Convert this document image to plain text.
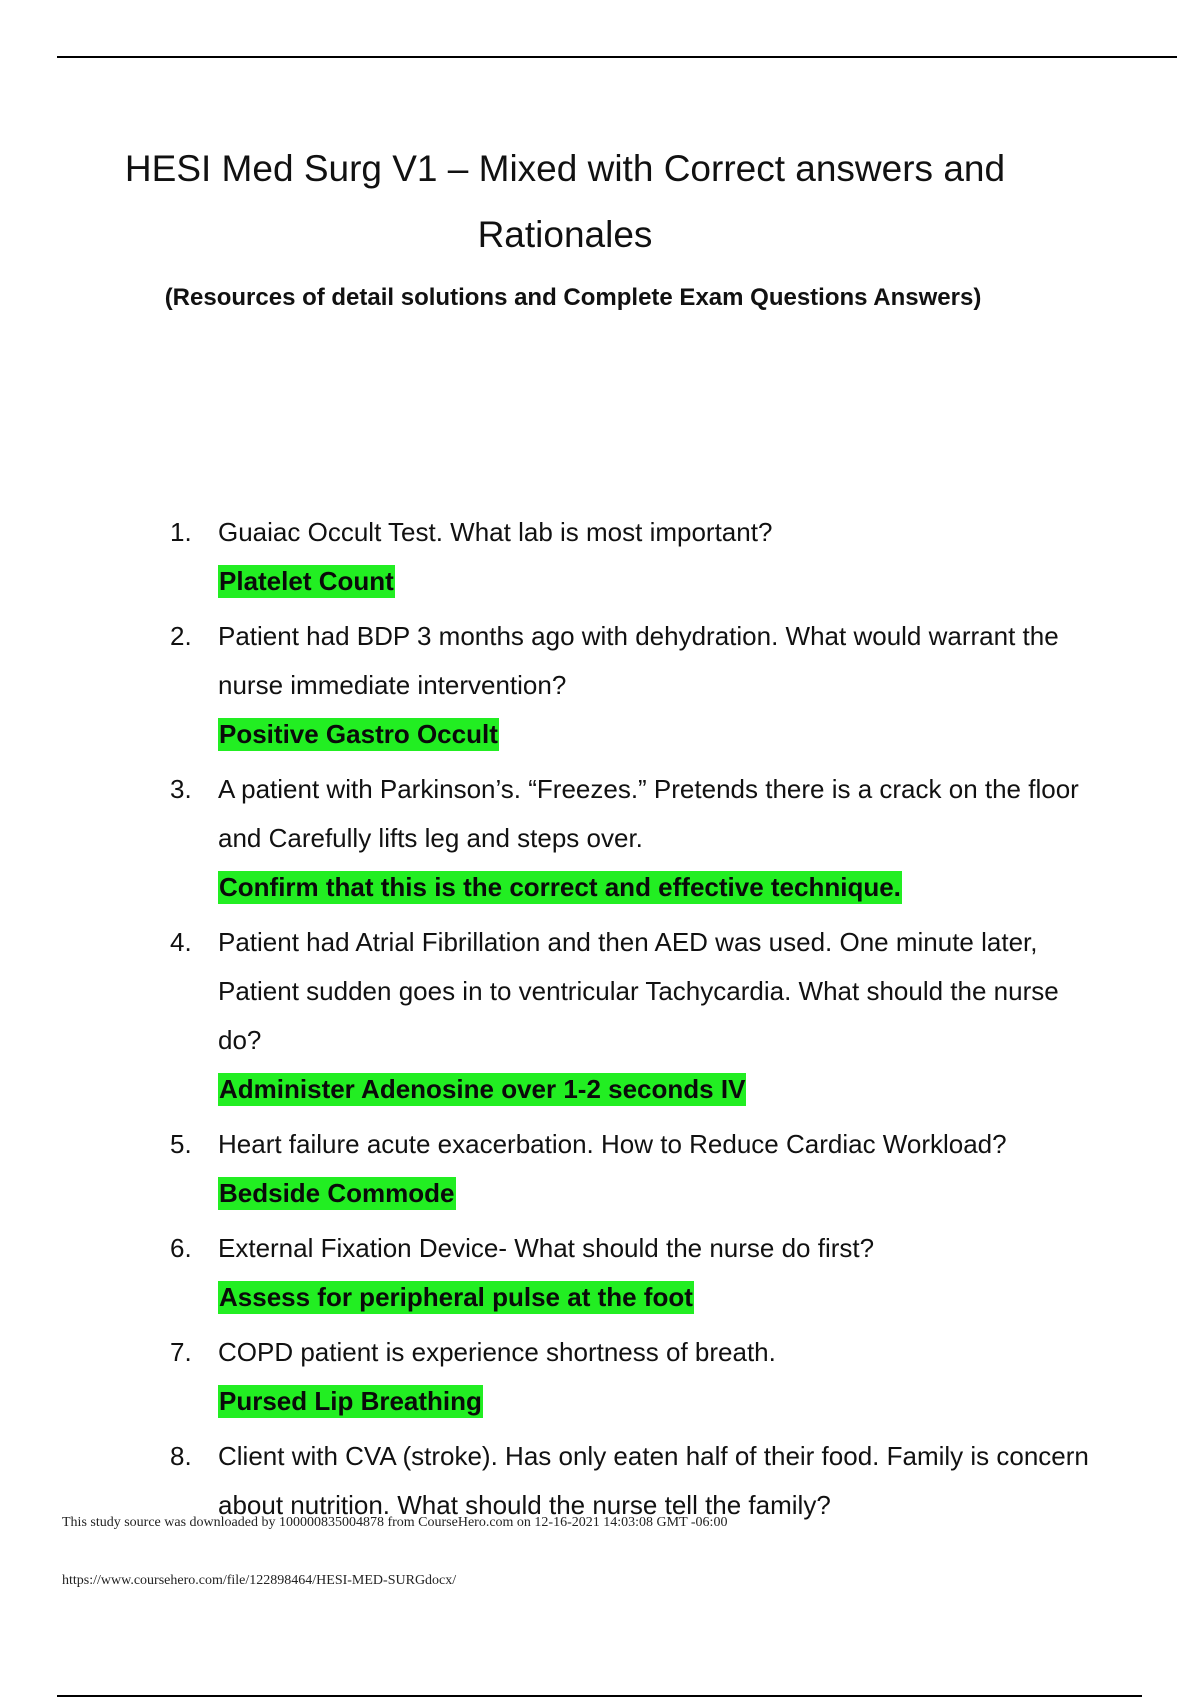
HESI Med Surg V1 – Mixed with Correct answers and Rationales
(Resources of detail solutions and Complete Exam Questions Answers)
1.	Guaiac Occult Test. What lab is most important?
Platelet Count
2.	Patient had BDP 3 months ago with dehydration. What would warrant the nurse immediate intervention?
Positive Gastro Occult
3.	A patient with Parkinson’s. “Freezes.” Pretends there is a crack on the floor and Carefully lifts leg and steps over.
Confirm that this is the correct and effective technique.
4.	Patient had Atrial Fibrillation and then AED was used. One minute later, Patient sudden goes in to ventricular Tachycardia. What should the nurse do?
Administer Adenosine over 1-2 seconds IV
5.	Heart failure acute exacerbation. How to Reduce Cardiac Workload?
Bedside Commode
6.	External Fixation Device- What should the nurse do first?
Assess for peripheral pulse at the foot
7.	COPD patient is experience shortness of breath.
Pursed Lip Breathing
8.	Client with CVA (stroke). Has only eaten half of their food. Family is concern about nutrition. What should the nurse tell the family?
This study source was downloaded by 100000835004878 from CourseHero.com on 12-16-2021 14:03:08 GMT -06:00
https://www.coursehero.com/file/122898464/HESI-MED-SURGdocx/
